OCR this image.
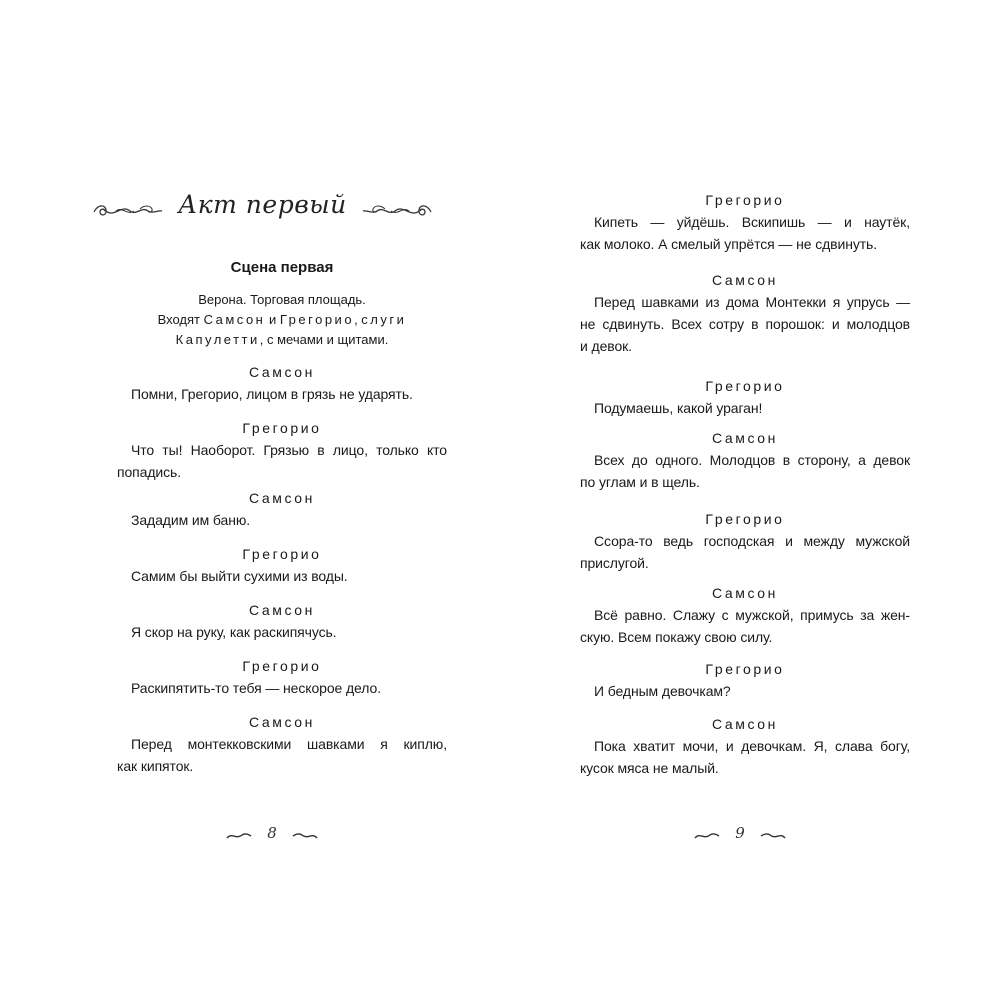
Акт первый
Сцена первая
Верона. Торговая площадь.
Входят Самсон и Грегорио, слуги
Капулетти, с мечами и щитами.
Самсон
Помни, Грегорио, лицом в грязь не ударять.
Грегорио
Что ты! Наоборот. Грязью в лицо, только кто
попадись.
Самсон
Зададим им баню.
Грегорио
Самим бы выйти сухими из воды.
Самсон
Я скор на руку, как раскипячусь.
Грегорио
Раскипятить-то тебя — нескорое дело.
Самсон
Перед монтекковскими шавками я киплю,
как кипяток.
8
Грегорио
Кипеть — уйдёшь. Вскипишь — и наутёк,
как молоко. А смелый упрётся — не сдвинуть.
Самсон
Перед шавками из дома Монтекки я упрусь —
не сдвинуть. Всех сотру в порошок: и молодцов
и девок.
Грегорио
Подумаешь, какой ураган!
Самсон
Всех до одного. Молодцов в сторону, а девок
по углам и в щель.
Грегорио
Ссора-то ведь господская и между мужской
прислугой.
Самсон
Всё равно. Слажу с мужской, примусь за жен-
скую. Всем покажу свою силу.
Грегорио
И бедным девочкам?
Самсон
Пока хватит мочи, и девочкам. Я, слава богу,
кусок мяса не малый.
9
